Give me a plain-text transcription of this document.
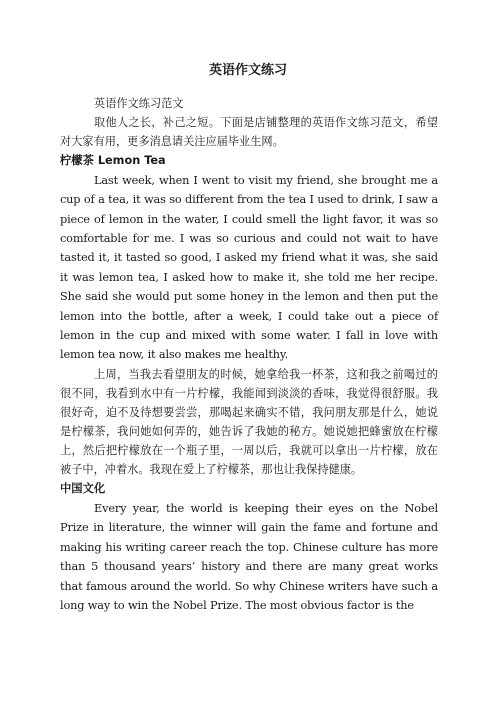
英语作文练习

英语作文练习范文

取他人之长，补己之短。下面是店铺整理的英语作文练习范文，希望对大家有用，更多消息请关注应届毕业生网。

柠檬茶 Lemon Tea

Last week, when I went to visit my friend, she brought me a cup of a tea, it was so different from the tea I used to drink, I saw a piece of lemon in the water, I could smell the light favor, it was so comfortable for me. I was so curious and could not wait to have tasted it, it tasted so good, I asked my friend what it was, she said it was lemon tea, I asked how to make it, she told me her recipe. She said she would put some honey in the lemon and then put the lemon into the bottle, after a week, I could take out a piece of lemon in the cup and mixed with some water. I fall in love with lemon tea now, it also makes me healthy.

上周，当我去看望朋友的时候，她拿给我一杯茶，这和我之前喝过的很不同，我看到水中有一片柠檬，我能闻到淡淡的香味，我觉得很舒服。我很好奇，迫不及待想要尝尝，那喝起来确实不错，我问朋友那是什么，她说是柠檬茶，我问她如何弄的，她告诉了我她的秘方。她说她把蜂蜜放在柠檬上，然后把柠檬放在一个瓶子里，一周以后，我就可以拿出一片柠檬，放在被子中，冲着水。我现在爱上了柠檬茶，那也让我保持健康。

中国文化

Every year, the world is keeping their eyes on the Nobel Prize in literature, the winner will gain the fame and fortune and making his writing career reach the top. Chinese culture has more than 5 thousand years’ history and there are many great works that famous around the world. So why Chinese writers have such a long way to win the Nobel Prize. The most obvious factor is the
